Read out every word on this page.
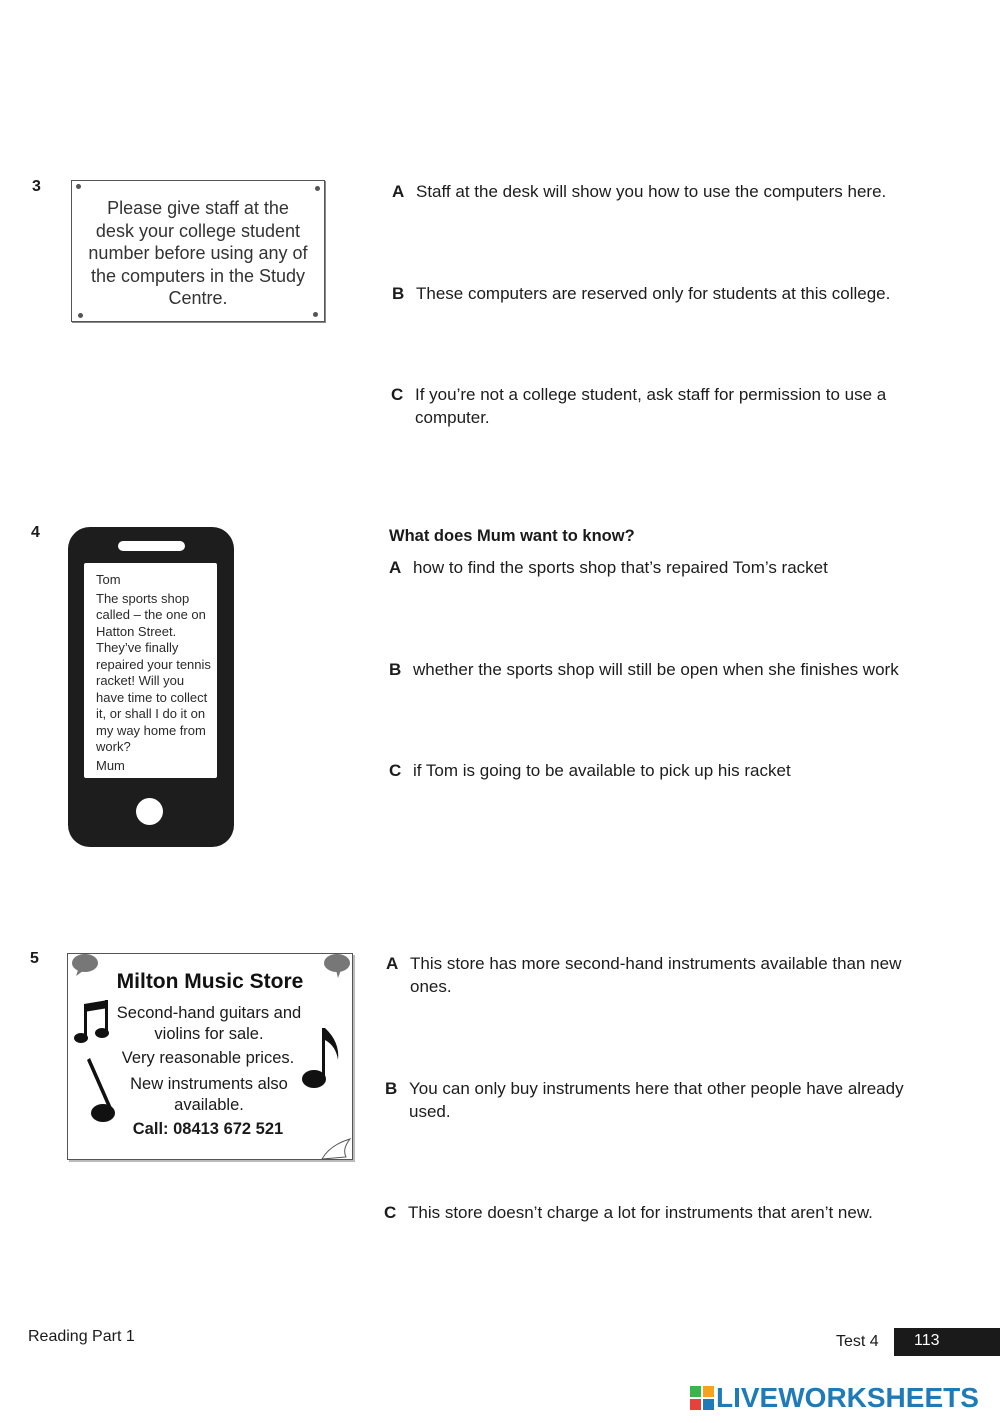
3
Please give staff at the desk your college student number before using any of the computers in the Study Centre.
A Staff at the desk will show you how to use the computers here.
B These computers are reserved only for students at this college.
C If you’re not a college student, ask staff for permission to use a computer.
4
Tom
The sports shop called – the one on Hatton Street. They’ve finally repaired your tennis racket! Will you have time to collect it, or shall I do it on my way home from work?
Mum
What does Mum want to know?
A how to find the sports shop that’s repaired Tom’s racket
B whether the sports shop will still be open when she finishes work
C if Tom is going to be available to pick up his racket
5
Milton Music Store
Second-hand guitars and violins for sale.
Very reasonable prices.
New instruments also available.
Call: 08413 672 521
A This store has more second-hand instruments available than new ones.
B You can only buy instruments here that other people have already used.
C This store doesn’t charge a lot for instruments that aren’t new.
Reading Part 1	Test 4 113
LIVEWORKSHEETS
